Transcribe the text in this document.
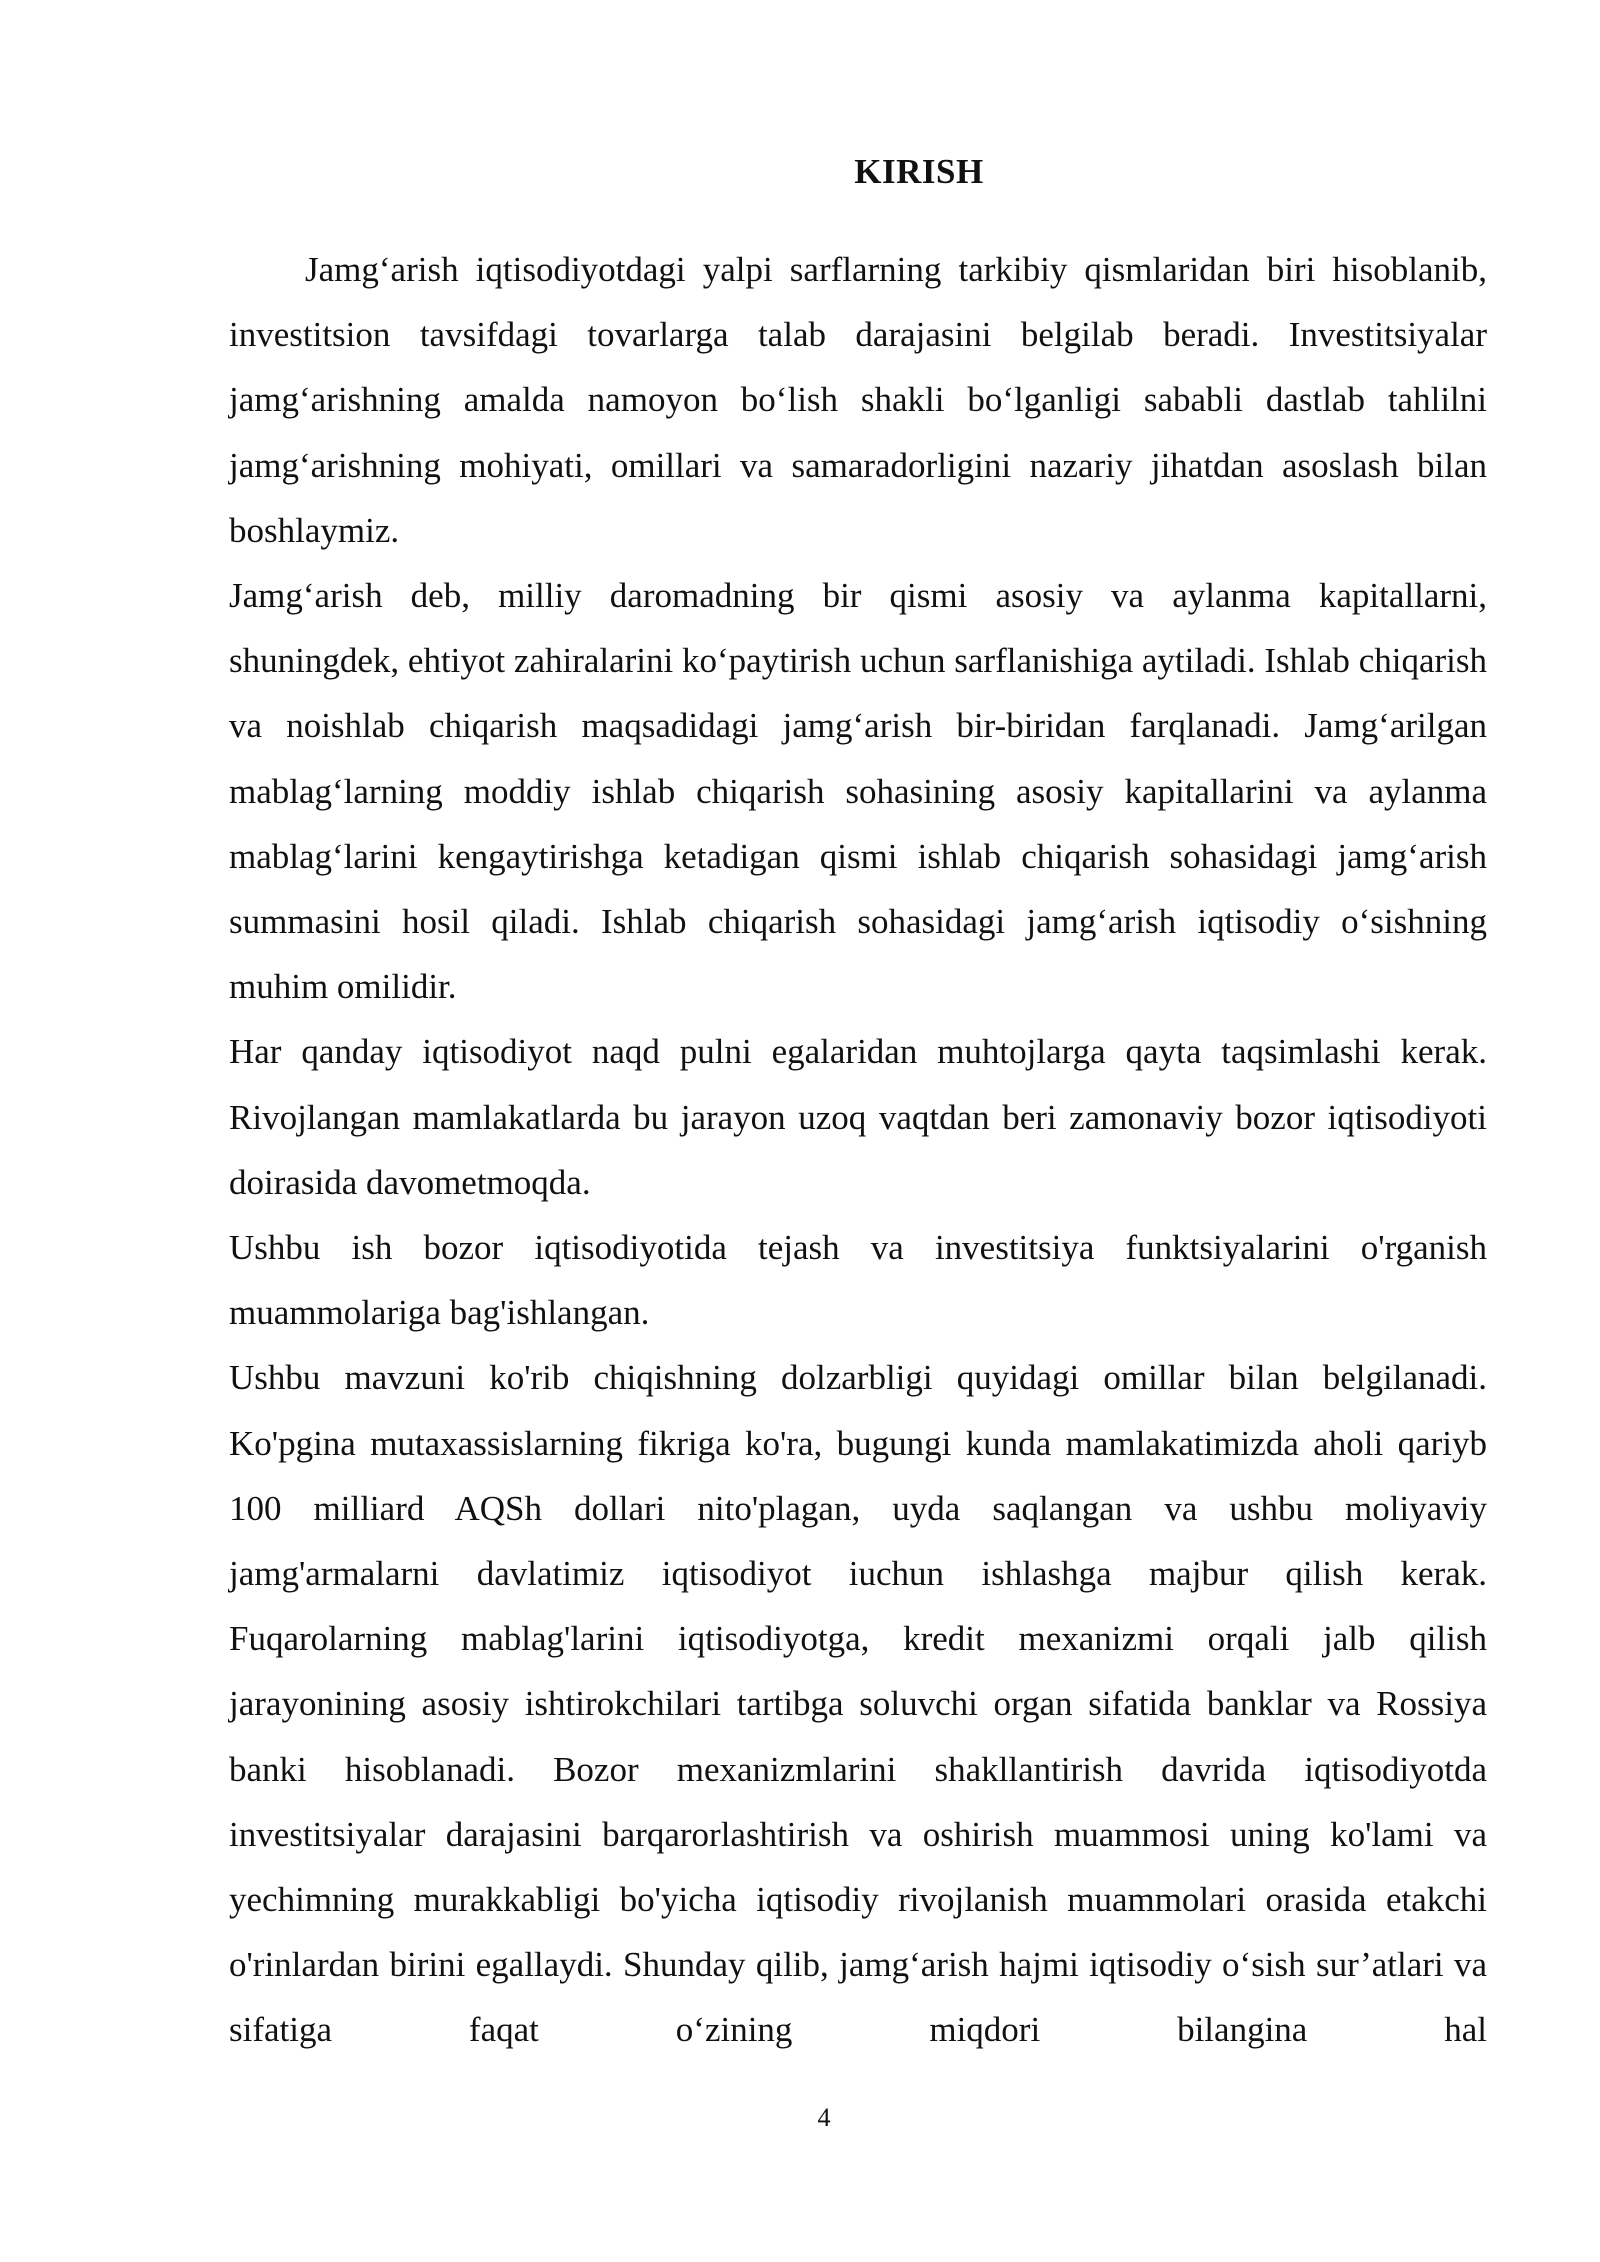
KIRISH

Jamg‘arish iqtisodiyotdagi yalpi sarflarning tarkibiy qismlaridan biri hisoblanib, investitsion tavsifdagi tovarlarga talab darajasini belgilab beradi. Investitsiyalar jamg‘arishning amalda namoyon bo‘lish shakli bo‘lganligi sababli dastlab tahlilni jamg‘arishning mohiyati, omillari va samaradorligini nazariy jihatdan asoslash bilan boshlaymiz.

Jamg‘arish deb, milliy daromadning bir qismi asosiy va aylanma kapitallarni, shuningdek, ehtiyot zahiralarini ko‘paytirish uchun sarflanishiga aytiladi. Ishlab chiqarish va noishlab chiqarish maqsadidagi jamg‘arish bir-biridan farqlanadi. Jamg‘arilgan mablag‘larning moddiy ishlab chiqarish sohasining asosiy kapitallarini va aylanma mablag‘larini kengaytirishga ketadigan qismi ishlab chiqarish sohasidagi jamg‘arish summasini hosil qiladi. Ishlab chiqarish sohasidagi jamg‘arish iqtisodiy o‘sishning muhim omilidir.

Har qanday iqtisodiyot naqd pulni egalaridan muhtojlarga qayta taqsimlashi kerak. Rivojlangan mamlakatlarda bu jarayon uzoq vaqtdan beri zamonaviy bozor iqtisodiyoti doirasida davometmoqda.

Ushbu ish bozor iqtisodiyotida tejash va investitsiya funktsiyalarini o'rganish muammolariga bag'ishlangan.

Ushbu mavzuni ko'rib chiqishning dolzarbligi quyidagi omillar bilan belgilanadi. Ko'pgina mutaxassislarning fikriga ko'ra, bugungi kunda mamlakatimizda aholi qariyb 100 milliard AQSh dollari nito'plagan, uyda saqlangan va ushbu moliyaviy jamg'armalarni davlatimiz iqtisodiyot iuchun ishlashga majbur qilish kerak. Fuqarolarning mablag'larini iqtisodiyotga, kredit mexanizmi orqali jalb qilish jarayonining asosiy ishtirokchilari tartibga soluvchi organ sifatida banklar va Rossiya banki hisoblanadi. Bozor mexanizmlarini shakllantirish davrida iqtisodiyotda investitsiyalar darajasini barqarorlashtirish va oshirish muammosi uning ko'lami va yechimning murakkabligi bo'yicha iqtisodiy rivojlanish muammolari orasida etakchi o'rinlardan birini egallaydi. Shunday qilib, jamg‘arish hajmi iqtisodiy o‘sish sur’atlari va sifatiga faqat o‘zining miqdori bilangina hal

4
